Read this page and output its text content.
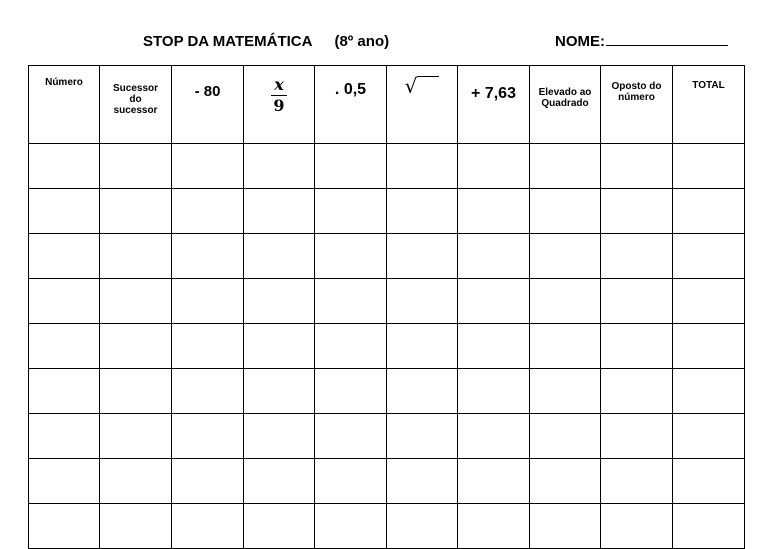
STOP DA MATEMÁTICA (8º ano)	NOME:
Número	Sucessor do sucessor	- 80	$\frac{x}{9}$	. 0,5	√	+ 7,63	Elevado ao Quadrado	Oposto do número	TOTAL
